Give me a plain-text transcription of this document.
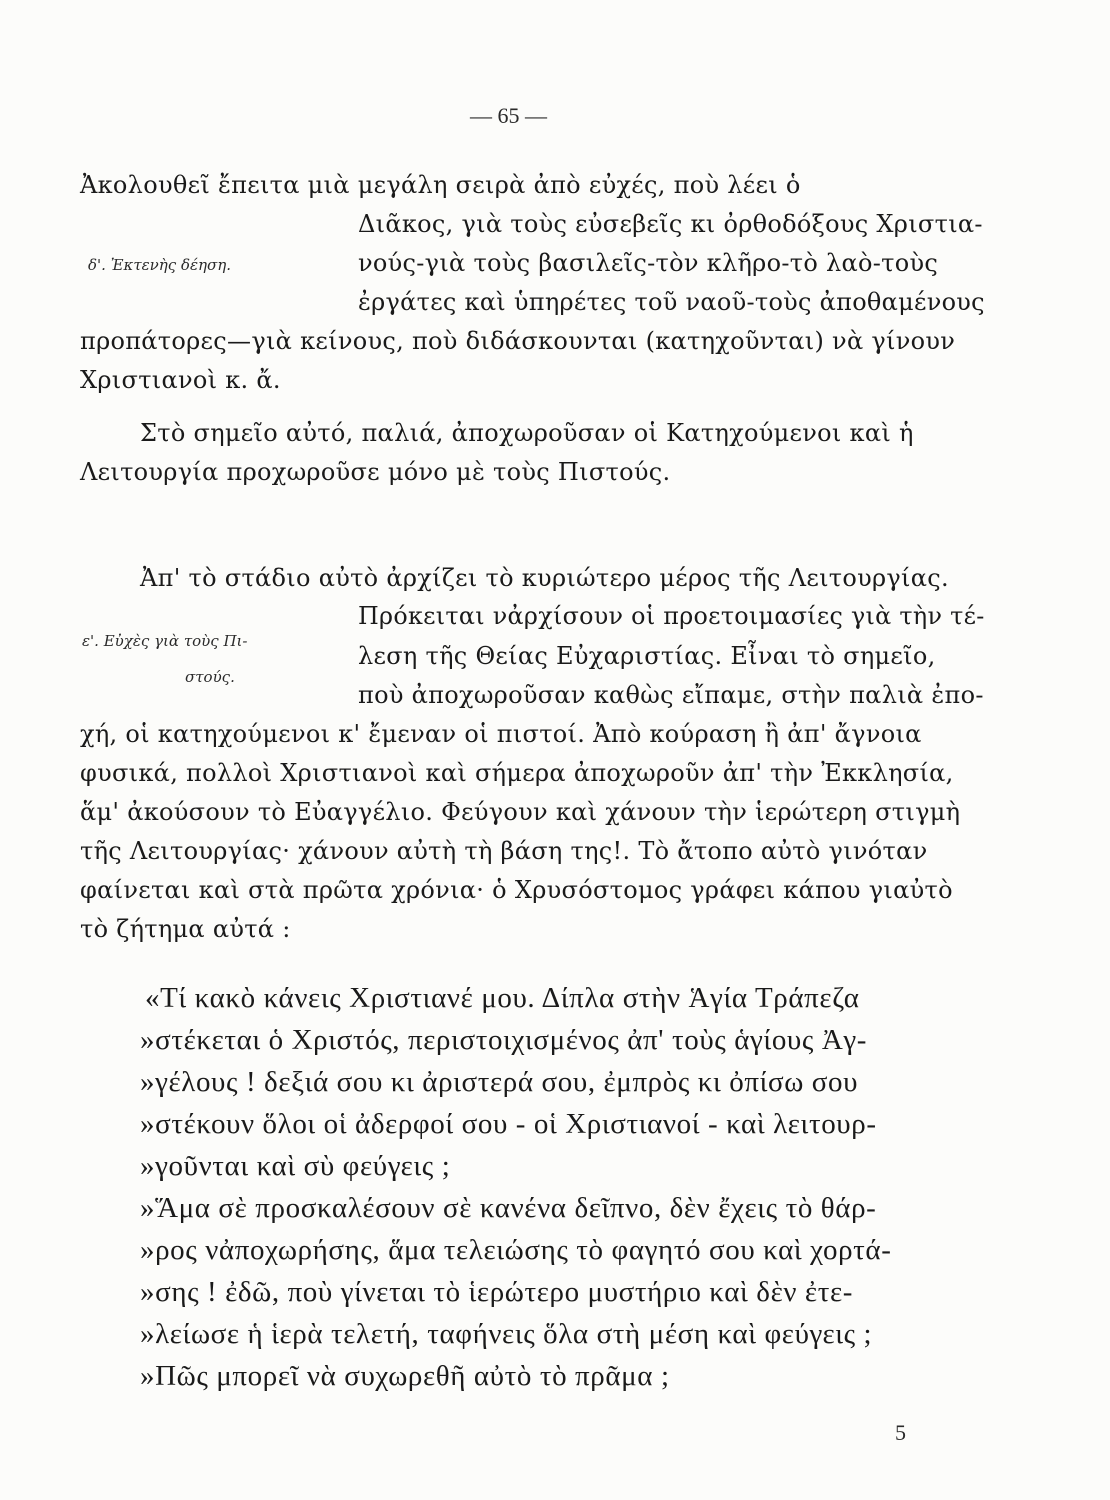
— 65 —
Ἀκολουθεῖ ἔπειτα μιὰ μεγάλη σειρὰ ἀπὸ εὐχές, ποὺ λέει ὁ
Διᾶκος, γιὰ τοὺς εὐσεβεῖς κι ὀρθοδόξους Χριστια-
δ'. Ἐκτενὴς δέηση.	νούς-γιὰ τοὺς βασιλεῖς-τὸν κλῆρο-τὸ λαὸ-τοὺς
ἐργάτες καὶ ὑπηρέτες τοῦ ναοῦ-τοὺς ἀποθαμένους
προπάτορες—γιὰ κείνους, ποὺ διδάσκουνται (κατηχοῦνται) νὰ γίνουν
Χριστιανοὶ κ. ἄ.
Στὸ σημεῖο αὐτό, παλιά, ἀποχωροῦσαν οἱ Κατηχούμενοι καὶ ἡ
Λειτουργία προχωροῦσε μόνο μὲ τοὺς Πιστούς.
Ἀπ' τὸ στάδιο αὐτὸ ἀρχίζει τὸ κυριώτερο μέρος τῆς Λειτουργίας.
Πρόκειται νἀρχίσουν οἱ προετοιμασίες γιὰ τὴν τέ-
ε'. Εὐχὲς γιὰ τοὺς Πι-
στούς.
λεση τῆς Θείας Εὐχαριστίας. Εἶναι τὸ σημεῖο,
ποὺ ἀποχωροῦσαν καθὼς εἴπαμε, στὴν παλιὰ ἐπο-
χή, οἱ κατηχούμενοι κ' ἔμεναν οἱ πιστοί. Ἀπὸ κούραση ἢ ἀπ' ἄγνοια
φυσικά, πολλοὶ Χριστιανοὶ καὶ σήμερα ἀποχωροῦν ἀπ' τὴν Ἐκκλησία,
ἅμ' ἀκούσουν τὸ Εὐαγγέλιο. Φεύγουν καὶ χάνουν τὴν ἱερώτερη στιγμὴ
τῆς Λειτουργίας· χάνουν αὐτὴ τὴ βάση της!. Τὸ ἄτοπο αὐτὸ γινόταν
φαίνεται καὶ στὰ πρῶτα χρόνια· ὁ Χρυσόστομος γράφει κάπου γιαὐτὸ
τὸ ζήτημα αὐτά :
«Τί κακὸ κάνεις Χριστιανέ μου. Δίπλα στὴν Ἁγία Τράπεζα
»στέκεται ὁ Χριστός, περιστοιχισμένος ἀπ' τοὺς ἁγίους Ἀγ-
»γέλους ! δεξιά σου κι ἀριστερά σου, ἐμπρὸς κι ὀπίσω σου
»στέκουν ὅλοι οἱ ἀδερφοί σου - οἱ Χριστιανοί - καὶ λειτουρ-
»γοῦνται καὶ σὺ φεύγεις ;
»Ἅμα σὲ προσκαλέσουν σὲ κανένα δεῖπνο, δὲν ἔχεις τὸ θάρ-
»ρος νἀποχωρήσης, ἅμα τελειώσης τὸ φαγητό σου καὶ χορτά-
»σης ! ἐδῶ, ποὺ γίνεται τὸ ἱερώτερο μυστήριο καὶ δὲν ἐτε-
»λείωσε ἡ ἱερὰ τελετή, ταφήνεις ὅλα στὴ μέση καὶ φεύγεις ;
»Πῶς μπορεῖ νὰ συχωρεθῆ αὐτὸ τὸ πρᾶμα ;
5
